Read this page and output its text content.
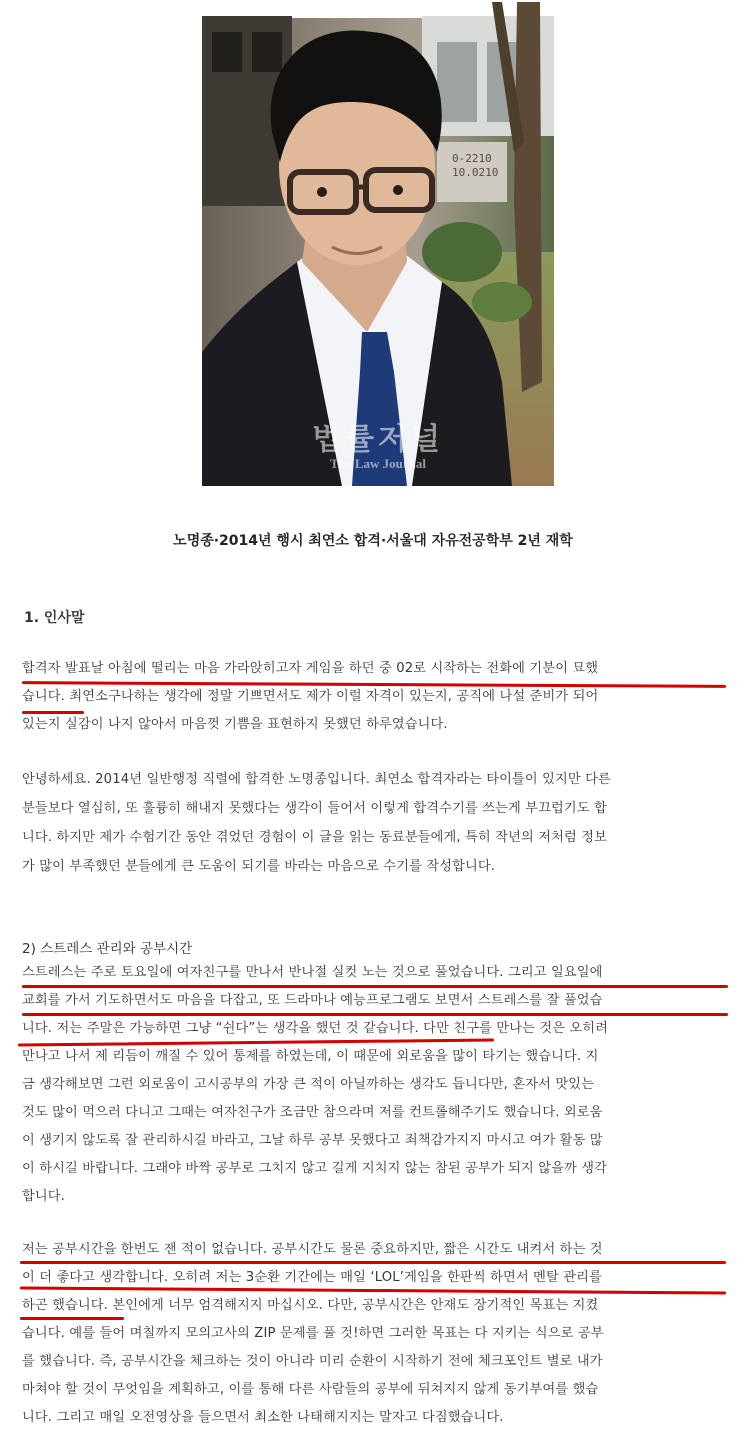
0-2210
10.0210
법률저널
The Law Journal
노명종·2014년 행시 최연소 합격·서울대 자유전공학부 2년 재학
1. 인사말
합격자 발표날 아침에 떨리는 마음 가라앉히고자 게임을 하던 중 02로 시작하는 전화에 기분이 묘했
습니다. 최연소구나하는 생각에 정말 기쁘면서도 제가 이럴 자격이 있는지, 공직에 나설 준비가 되어
있는지 실감이 나지 않아서 마음껏 기쁨을 표현하지 못했던 하루였습니다.
안녕하세요. 2014년 일반행정 직렬에 합격한 노명종입니다. 최연소 합격자라는 타이틀이 있지만 다른
분들보다 열심히, 또 훌륭히 해내지 못했다는 생각이 들어서 이렇게 합격수기를 쓰는게 부끄럽기도 합
니다. 하지만 제가 수험기간 동안 겪었던 경험이 이 글을 읽는 동료분들에게, 특히 작년의 저처럼 정보
가 많이 부족했던 분들에게 큰 도움이 되기를 바라는 마음으로 수기를 작성합니다.
2) 스트레스 관리와 공부시간
스트레스는 주로 토요일에 여자친구를 만나서 반나절 실컷 노는 것으로 풀었습니다. 그리고 일요일에
교회를 가서 기도하면서도 마음을 다잡고, 또 드라마나 예능프로그램도 보면서 스트레스를 잘 풀었습
니다. 저는 주말은 가능하면 그냥 “쉰다”는 생각을 했던 것 같습니다. 다만 친구를 만나는 것은 오히려
만나고 나서 제 리듬이 깨질 수 있어 통제를 하였는데, 이 때문에 외로움을 많이 타기는 했습니다. 지
금 생각해보면 그런 외로움이 고시공부의 가장 큰 적이 아닐까하는 생각도 듭니다만, 혼자서 맛있는
것도 많이 먹으러 다니고 그때는 여자친구가 조금만 참으라며 저를 컨트롤해주기도 했습니다. 외로움
이 생기지 않도록 잘 관리하시길 바라고, 그날 하루 공부 못했다고 죄책감가지지 마시고 여가 활동 많
이 하시길 바랍니다. 그래야 바짝 공부로 그치지 않고 길게 지치지 않는 참된 공부가 되지 않을까 생각
합니다.
저는 공부시간을 한번도 잰 적이 없습니다. 공부시간도 물론 중요하지만, 짧은 시간도 내켜서 하는 것
이 더 좋다고 생각합니다. 오히려 저는 3순환 기간에는 매일 ‘LOL’게임을 한판씩 하면서 멘탈 관리를
하곤 했습니다. 본인에게 너무 엄격해지지 마십시오. 다만, 공부시간은 안재도 장기적인 목표는 지켰
습니다. 예를 들어 며칠까지 모의고사의 ZIP 문제를 풀 것!하면 그러한 목표는 다 지키는 식으로 공부
를 했습니다. 즉, 공부시간을 체크하는 것이 아니라 미리 순환이 시작하기 전에 체크포인트 별로 내가
마쳐야 할 것이 무엇임을 계획하고, 이를 통해 다른 사람들의 공부에 뒤쳐지지 않게 동기부여를 했습
니다. 그리고 매일 오전영상을 들으면서 최소한 나태해지지는 말자고 다짐했습니다.
